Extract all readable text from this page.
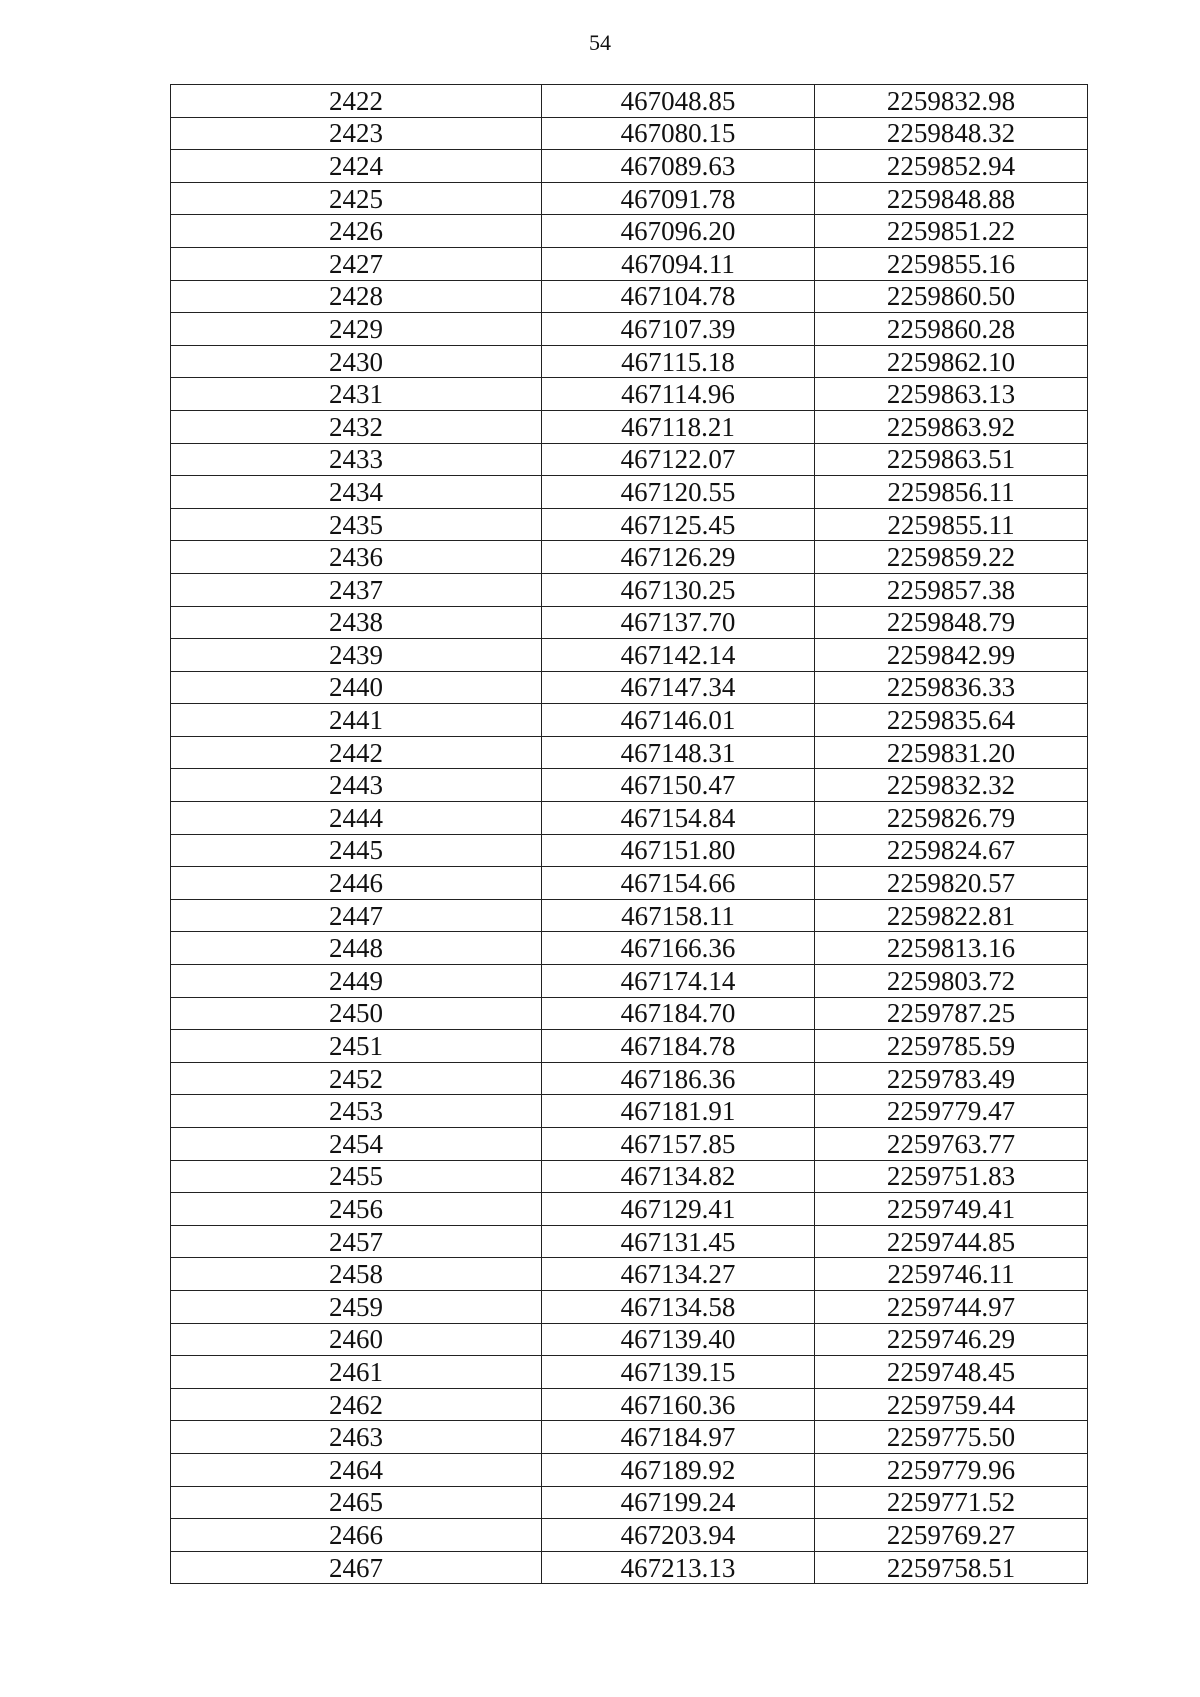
54
2422	467048.85	2259832.98
2423	467080.15	2259848.32
2424	467089.63	2259852.94
2425	467091.78	2259848.88
2426	467096.20	2259851.22
2427	467094.11	2259855.16
2428	467104.78	2259860.50
2429	467107.39	2259860.28
2430	467115.18	2259862.10
2431	467114.96	2259863.13
2432	467118.21	2259863.92
2433	467122.07	2259863.51
2434	467120.55	2259856.11
2435	467125.45	2259855.11
2436	467126.29	2259859.22
2437	467130.25	2259857.38
2438	467137.70	2259848.79
2439	467142.14	2259842.99
2440	467147.34	2259836.33
2441	467146.01	2259835.64
2442	467148.31	2259831.20
2443	467150.47	2259832.32
2444	467154.84	2259826.79
2445	467151.80	2259824.67
2446	467154.66	2259820.57
2447	467158.11	2259822.81
2448	467166.36	2259813.16
2449	467174.14	2259803.72
2450	467184.70	2259787.25
2451	467184.78	2259785.59
2452	467186.36	2259783.49
2453	467181.91	2259779.47
2454	467157.85	2259763.77
2455	467134.82	2259751.83
2456	467129.41	2259749.41
2457	467131.45	2259744.85
2458	467134.27	2259746.11
2459	467134.58	2259744.97
2460	467139.40	2259746.29
2461	467139.15	2259748.45
2462	467160.36	2259759.44
2463	467184.97	2259775.50
2464	467189.92	2259779.96
2465	467199.24	2259771.52
2466	467203.94	2259769.27
2467	467213.13	2259758.51
